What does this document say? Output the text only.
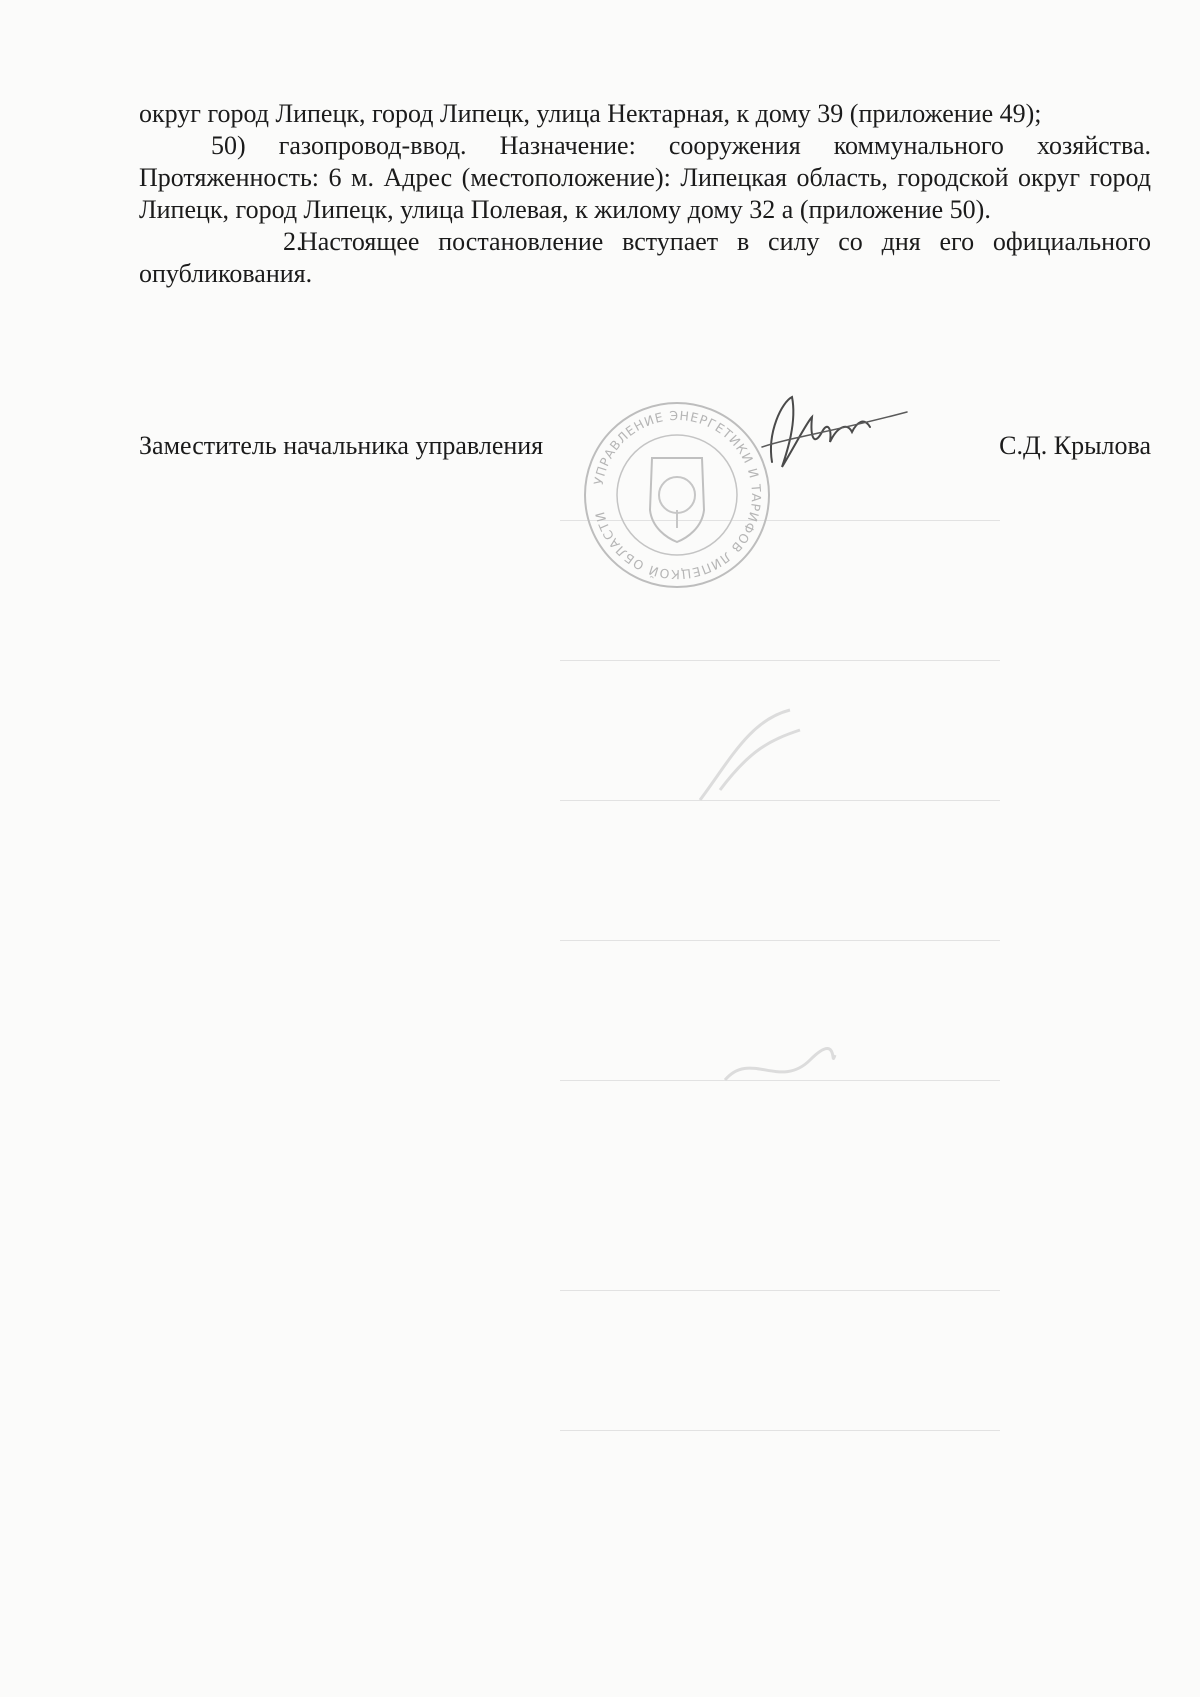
округ город Липецк, город Липецк, улица Нектарная, к дому 39 (приложение 49);

50) газопровод-ввод. Назначение: сооружения коммунального хозяйства. Протяженность: 6 м. Адрес (местоположение): Липецкая область, городской округ город Липецк, город Липецк, улица Полевая, к жилому дому 32 а (приложение 50).

2.Настоящее постановление вступает в силу со дня его официального опубликования.

УПРАВЛЕНИЕ ЭНЕРГЕТИКИ И ТАРИФОВ ЛИПЕЦКОЙ ОБЛАСТИ
Заместитель начальника управления	С.Д. Крылова
